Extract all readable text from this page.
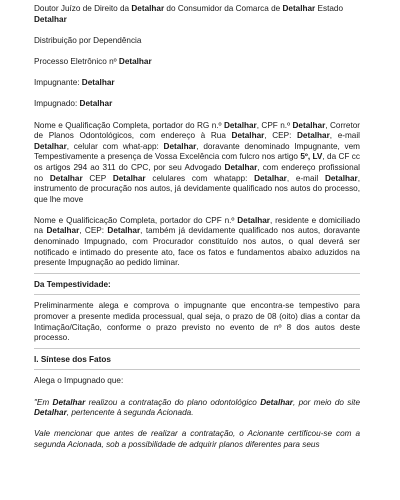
Doutor Juízo de Direito da Detalhar do Consumidor da Comarca de Detalhar Estado

Detalhar

Distribuição por Dependência

Processo Eletrônico nº Detalhar

Impugnante: Detalhar

Impugnado: Detalhar

Nome e Qualificação Completa, portador do RG n.º Detalhar, CPF n.º Detalhar, Corretor de Planos Odontológicos, com endereço à Rua Detalhar, CEP: Detalhar, e-mail Detalhar, celular com what-app: Detalhar, doravante denominado Impugnante, vem Tempestivamente a presença de Vossa Excelência com fulcro nos artigo 5º, LV, da CF cc os artigos 294 ao 311 do CPC, por seu Advogado Detalhar, com endereço profissional no Detalhar CEP Detalhar celulares com whatapp: Detalhar, e-mail Detalhar, instrumento de procuração nos autos, já devidamente qualificado nos autos do processo, que lhe move

Nome e Qualificicação Completa, portador do CPF n.º Detalhar, residente e domiciliado na Detalhar, CEP: Detalhar, também já devidamente qualificado nos autos, doravante denominado Impugnado, com Procurador constituído nos autos, o qual deverá ser notificado e intimado do presente ato, face os fatos e fundamentos abaixo aduzidos na presente Impugnação ao pedido liminar.

Da Tempestividade:

Preliminarmente alega e comprova o impugnante que encontra-se tempestivo para promover a presente medida processual, qual seja, o prazo de 08 (oito) dias a contar da Intimação/Citação, conforme o prazo previsto no evento de nº 8 dos autos deste processo.

I. Síntese dos Fatos

Alega o Impugnado que:

"Em Detalhar realizou a contratação do plano odontológico Detalhar, por meio do site Detalhar, pertencente à segunda Acionada.

Vale mencionar que antes de realizar a contratação, o Acionante certificou-se com a segunda Acionada, sob a possibilidade de adquirir planos diferentes para seus
